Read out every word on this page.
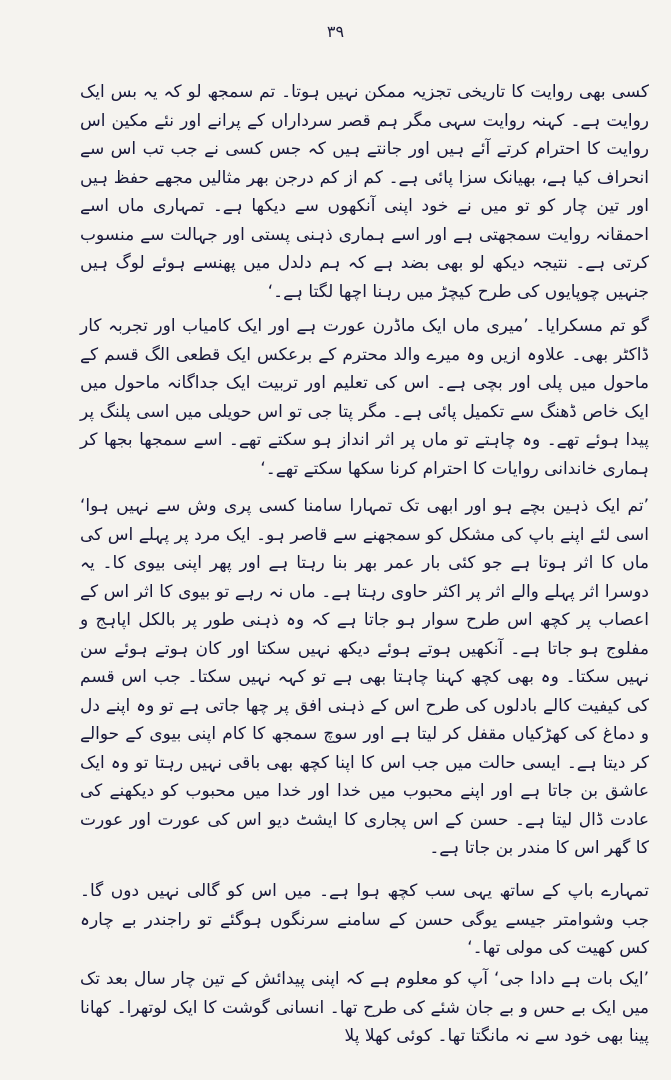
٣٩

کسی بھی روایت کا تاریخی تجزیہ ممکن نہیں ہوتا۔ تم سمجھ لو کہ یہ بس ایک روایت ہے۔ کہنہ روایت سہی مگر ہم قصر سرداراں کے پرانے اور نئے مکین اس روایت کا احترام کرتے آئے ہیں اور جانتے ہیں کہ جس کسی نے جب تب اس سے انحراف کیا ہے، بھیانک سزا پائی ہے۔ کم از کم درجن بھر مثالیں مجھے حفظ ہیں اور تین چار کو تو میں نے خود اپنی آنکھوں سے دیکھا ہے۔ تمہاری ماں اسے احمقانہ روایت سمجھتی ہے اور اسے ہماری ذہنی پستی اور جہالت سے منسوب کرتی ہے۔ نتیجہ دیکھ لو بھی بضد ہے کہ ہم دلدل میں پھنسے ہوئے لوگ ہیں جنہیں چوپایوں کی طرح کیچڑ میں رہنا اچھا لگتا ہے۔‘

گو تم مسکرایا۔ ’میری ماں ایک ماڈرن عورت ہے اور ایک کامیاب اور تجربہ کار ڈاکٹر بھی۔ علاوہ ازیں وہ میرے والد محترم کے برعکس ایک قطعی الگ قسم کے ماحول میں پلی اور بچی ہے۔ اس کی تعلیم اور تربیت ایک جداگانہ ماحول میں ایک خاص ڈھنگ سے تکمیل پائی ہے۔ مگر پتا جی تو اس حویلی میں اسی پلنگ پر پیدا ہوئے تھے۔ وہ چاہتے تو ماں پر اثر انداز ہو سکتے تھے۔ اسے سمجھا بجھا کر ہماری خاندانی روایات کا احترام کرنا سکھا سکتے تھے۔‘

’تم ایک ذہین بچے ہو اور ابھی تک تمہارا سامنا کسی پری وش سے نہیں ہوا‘ اسی لئے اپنے باپ کی مشکل کو سمجھنے سے قاصر ہو۔ ایک مرد پر پہلے اس کی ماں کا اثر ہوتا ہے جو کئی بار عمر بھر بنا رہتا ہے اور پھر اپنی بیوی کا۔ یہ دوسرا اثر پہلے والے اثر پر اکثر حاوی رہتا ہے۔ ماں نہ رہے تو بیوی کا اثر اس کے اعصاب پر کچھ اس طرح سوار ہو جاتا ہے کہ وہ ذہنی طور پر بالکل اپاہج و مفلوج ہو جاتا ہے۔ آنکھیں ہوتے ہوئے دیکھ نہیں سکتا اور کان ہوتے ہوئے سن نہیں سکتا۔ وہ بھی کچھ کہنا چاہتا بھی ہے تو کہہ نہیں سکتا۔ جب اس قسم کی کیفیت کالے بادلوں کی طرح اس کے ذہنی افق پر چھا جاتی ہے تو وہ اپنے دل و دماغ کی کھڑکیاں مقفل کر لیتا ہے اور سوچ سمجھ کا کام اپنی بیوی کے حوالے کر دیتا ہے۔ ایسی حالت میں جب اس کا اپنا کچھ بھی باقی نہیں رہتا تو وہ ایک عاشق بن جاتا ہے اور اپنے محبوب میں خدا اور خدا میں محبوب کو دیکھنے کی عادت ڈال لیتا ہے۔ حسن کے اس پجاری کا ایشٹ دیو اس کی عورت اور عورت کا گھر اس کا مندر بن جاتا ہے۔

تمہارے باپ کے ساتھ یہی سب کچھ ہوا ہے۔ میں اس کو گالی نہیں دوں گا۔ جب وشوامتر جیسے یوگی حسن کے سامنے سرنگوں ہوگئے تو راجندر بے چارہ کس کھیت کی مولی تھا۔‘

’ایک بات ہے دادا جی‘ آپ کو معلوم ہے کہ اپنی پیدائش کے تین چار سال بعد تک میں ایک بے حس و بے جان شئے کی طرح تھا۔ انسانی گوشت کا ایک لوتھرا۔ کھانا پینا بھی خود سے نہ مانگتا تھا۔ کوئی کھلا پلا
